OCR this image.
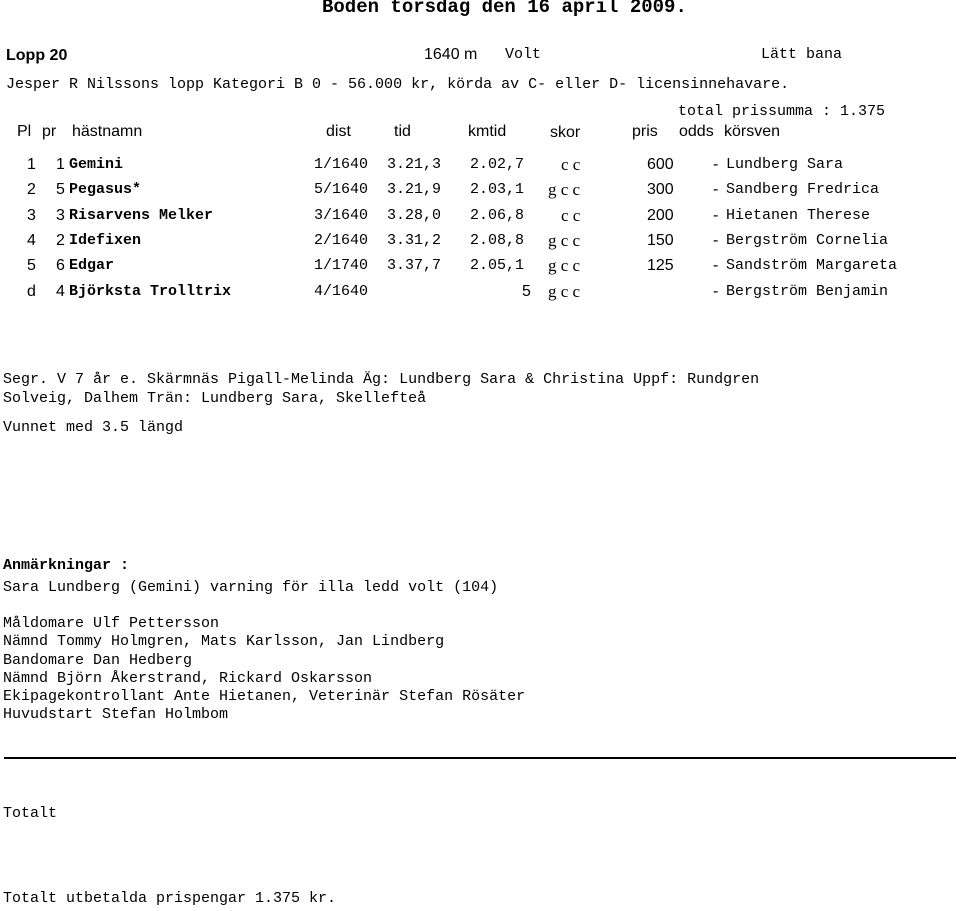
Boden torsdag den 16 april 2009.
Lopp 20	1640 m Volt	Lätt bana
Jesper R Nilssons lopp Kategori B 0 - 56.000 kr, körda av C- eller D- licensinnehavare.
total prissumma : 1.375
Pl pr hästnamn	dist	tid	kmtid	skor	pris odds körsven
1 1 Gemini	1/1640 3.21,3 2.02,7 c c	600 - Lundberg Sara
2 5 Pegasus*	5/1640 3.21,9 2.03,1 g c c	300 - Sandberg Fredrica
3 3 Risarvens Melker	3/1640 3.28,0 2.06,8 c c	200 - Hietanen Therese
4 2 Idefixen	2/1640 3.31,2 2.08,8 g c c	150 - Bergström Cornelia
5 6 Edgar	1/1740 3.37,7 2.05,1 g c c	125 - Sandström Margareta
d 4 Björksta Trolltrix	4/1640	5 g c c	- Bergström Benjamin
Segr. V 7 år e. Skärmnäs Pigall-Melinda Äg: Lundberg Sara & Christina Uppf: Rundgren
Solveig, Dalhem Trän: Lundberg Sara, Skellefteå
Vunnet med 3.5 längd
Anmärkningar :
Sara Lundberg (Gemini) varning för illa ledd volt (104)
Måldomare Ulf Pettersson
Nämnd Tommy Holmgren, Mats Karlsson, Jan Lindberg
Bandomare Dan Hedberg
Nämnd Björn Åkerstrand, Rickard Oskarsson
Ekipagekontrollant Ante Hietanen, Veterinär Stefan Rösäter
Huvudstart Stefan Holmbom
Totalt
Totalt utbetalda prispengar 1.375 kr.
